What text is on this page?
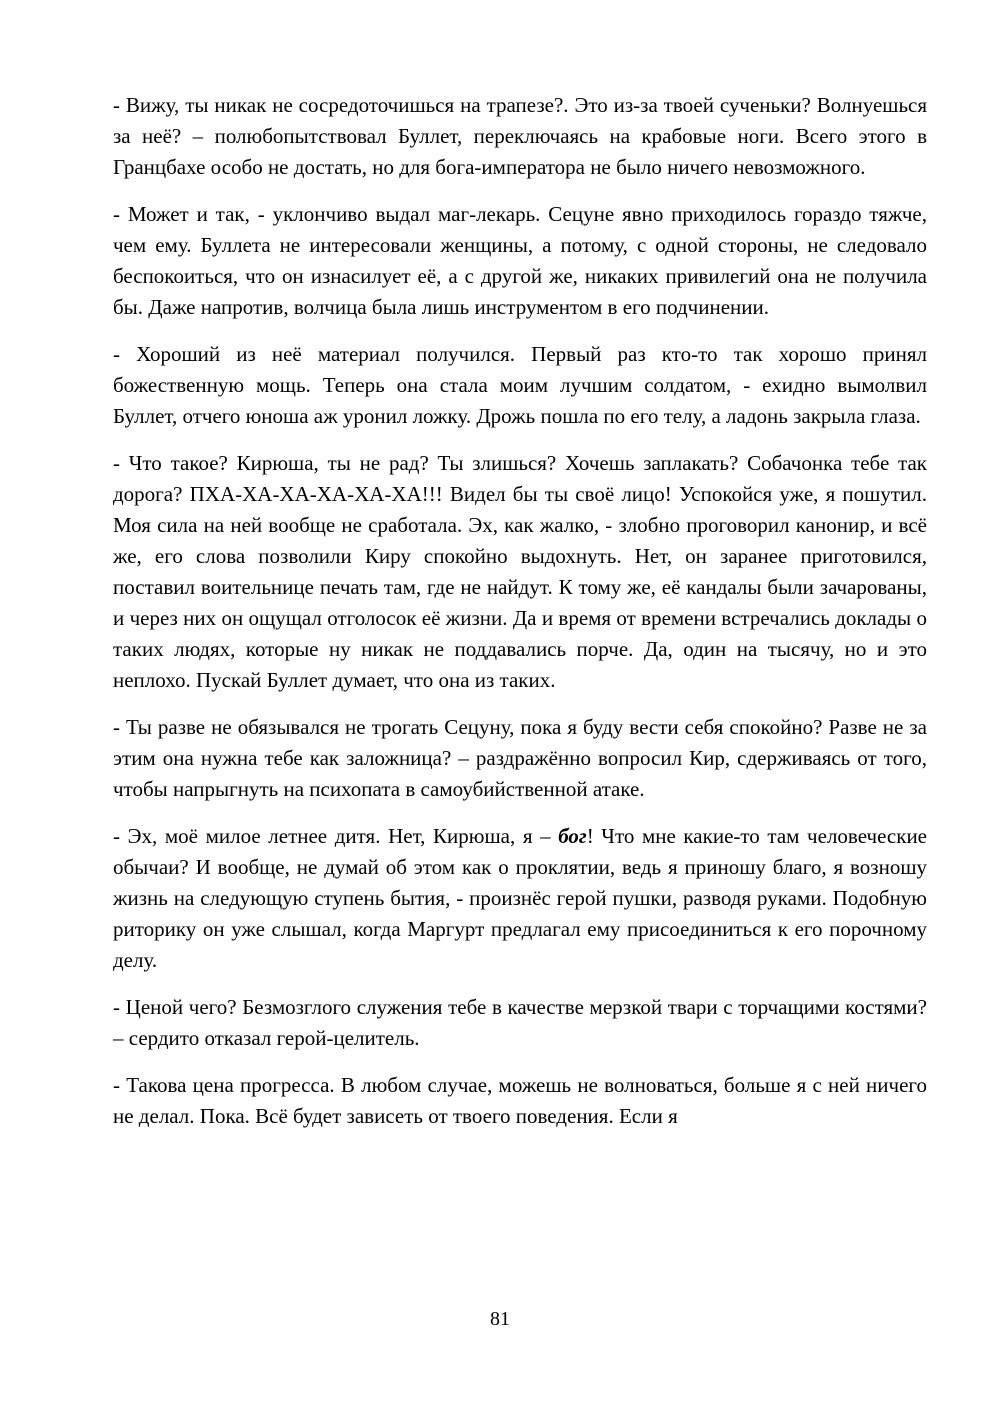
- Вижу, ты никак не сосредоточишься на трапезе?. Это из-за твоей сученьки? Волнуешься за неё? – полюбопытствовал Буллет, переключаясь на крабовые ноги. Всего этого в Гранцбахе особо не достать, но для бога-императора не было ничего невозможного.

- Может и так, - уклончиво выдал маг-лекарь. Сецуне явно приходилось гораздо тяжче, чем ему. Буллета не интересовали женщины, а потому, с одной стороны, не следовало беспокоиться, что он изнасилует её, а с другой же, никаких привилегий она не получила бы. Даже напротив, волчица была лишь инструментом в его подчинении.

- Хороший из неё материал получился. Первый раз кто-то так хорошо принял божественную мощь. Теперь она стала моим лучшим солдатом, - ехидно вымолвил Буллет, отчего юноша аж уронил ложку. Дрожь пошла по его телу, а ладонь закрыла глаза.

- Что такое? Кирюша, ты не рад? Ты злишься? Хочешь заплакать? Собачонка тебе так дорога? ПХА-ХА-ХА-ХА-ХА-ХА!!! Видел бы ты своё лицо! Успокойся уже, я пошутил. Моя сила на ней вообще не сработала. Эх, как жалко, - злобно проговорил канонир, и всё же, его слова позволили Киру спокойно выдохнуть. Нет, он заранее приготовился, поставил воительнице печать там, где не найдут. К тому же, её кандалы были зачарованы, и через них он ощущал отголосок её жизни. Да и время от времени встречались доклады о таких людях, которые ну никак не поддавались порче. Да, один на тысячу, но и это неплохо. Пускай Буллет думает, что она из таких.

- Ты разве не обязывался не трогать Сецуну, пока я буду вести себя спокойно? Разве не за этим она нужна тебе как заложница? – раздражённо вопросил Кир, сдерживаясь от того, чтобы напрыгнуть на психопата в самоубийственной атаке.

- Эх, моё милое летнее дитя. Нет, Кирюша, я – бог! Что мне какие-то там человеческие обычаи? И вообще, не думай об этом как о проклятии, ведь я приношу благо, я возношу жизнь на следующую ступень бытия, - произнёс герой пушки, разводя руками. Подобную риторику он уже слышал, когда Маргурт предлагал ему присоединиться к его порочному делу.

- Ценой чего? Безмозглого служения тебе в качестве мерзкой твари с торчащими костями? – сердито отказал герой-целитель.

- Такова цена прогресса. В любом случае, можешь не волноваться, больше я с ней ничего не делал. Пока. Всё будет зависеть от твоего поведения. Если я

81
